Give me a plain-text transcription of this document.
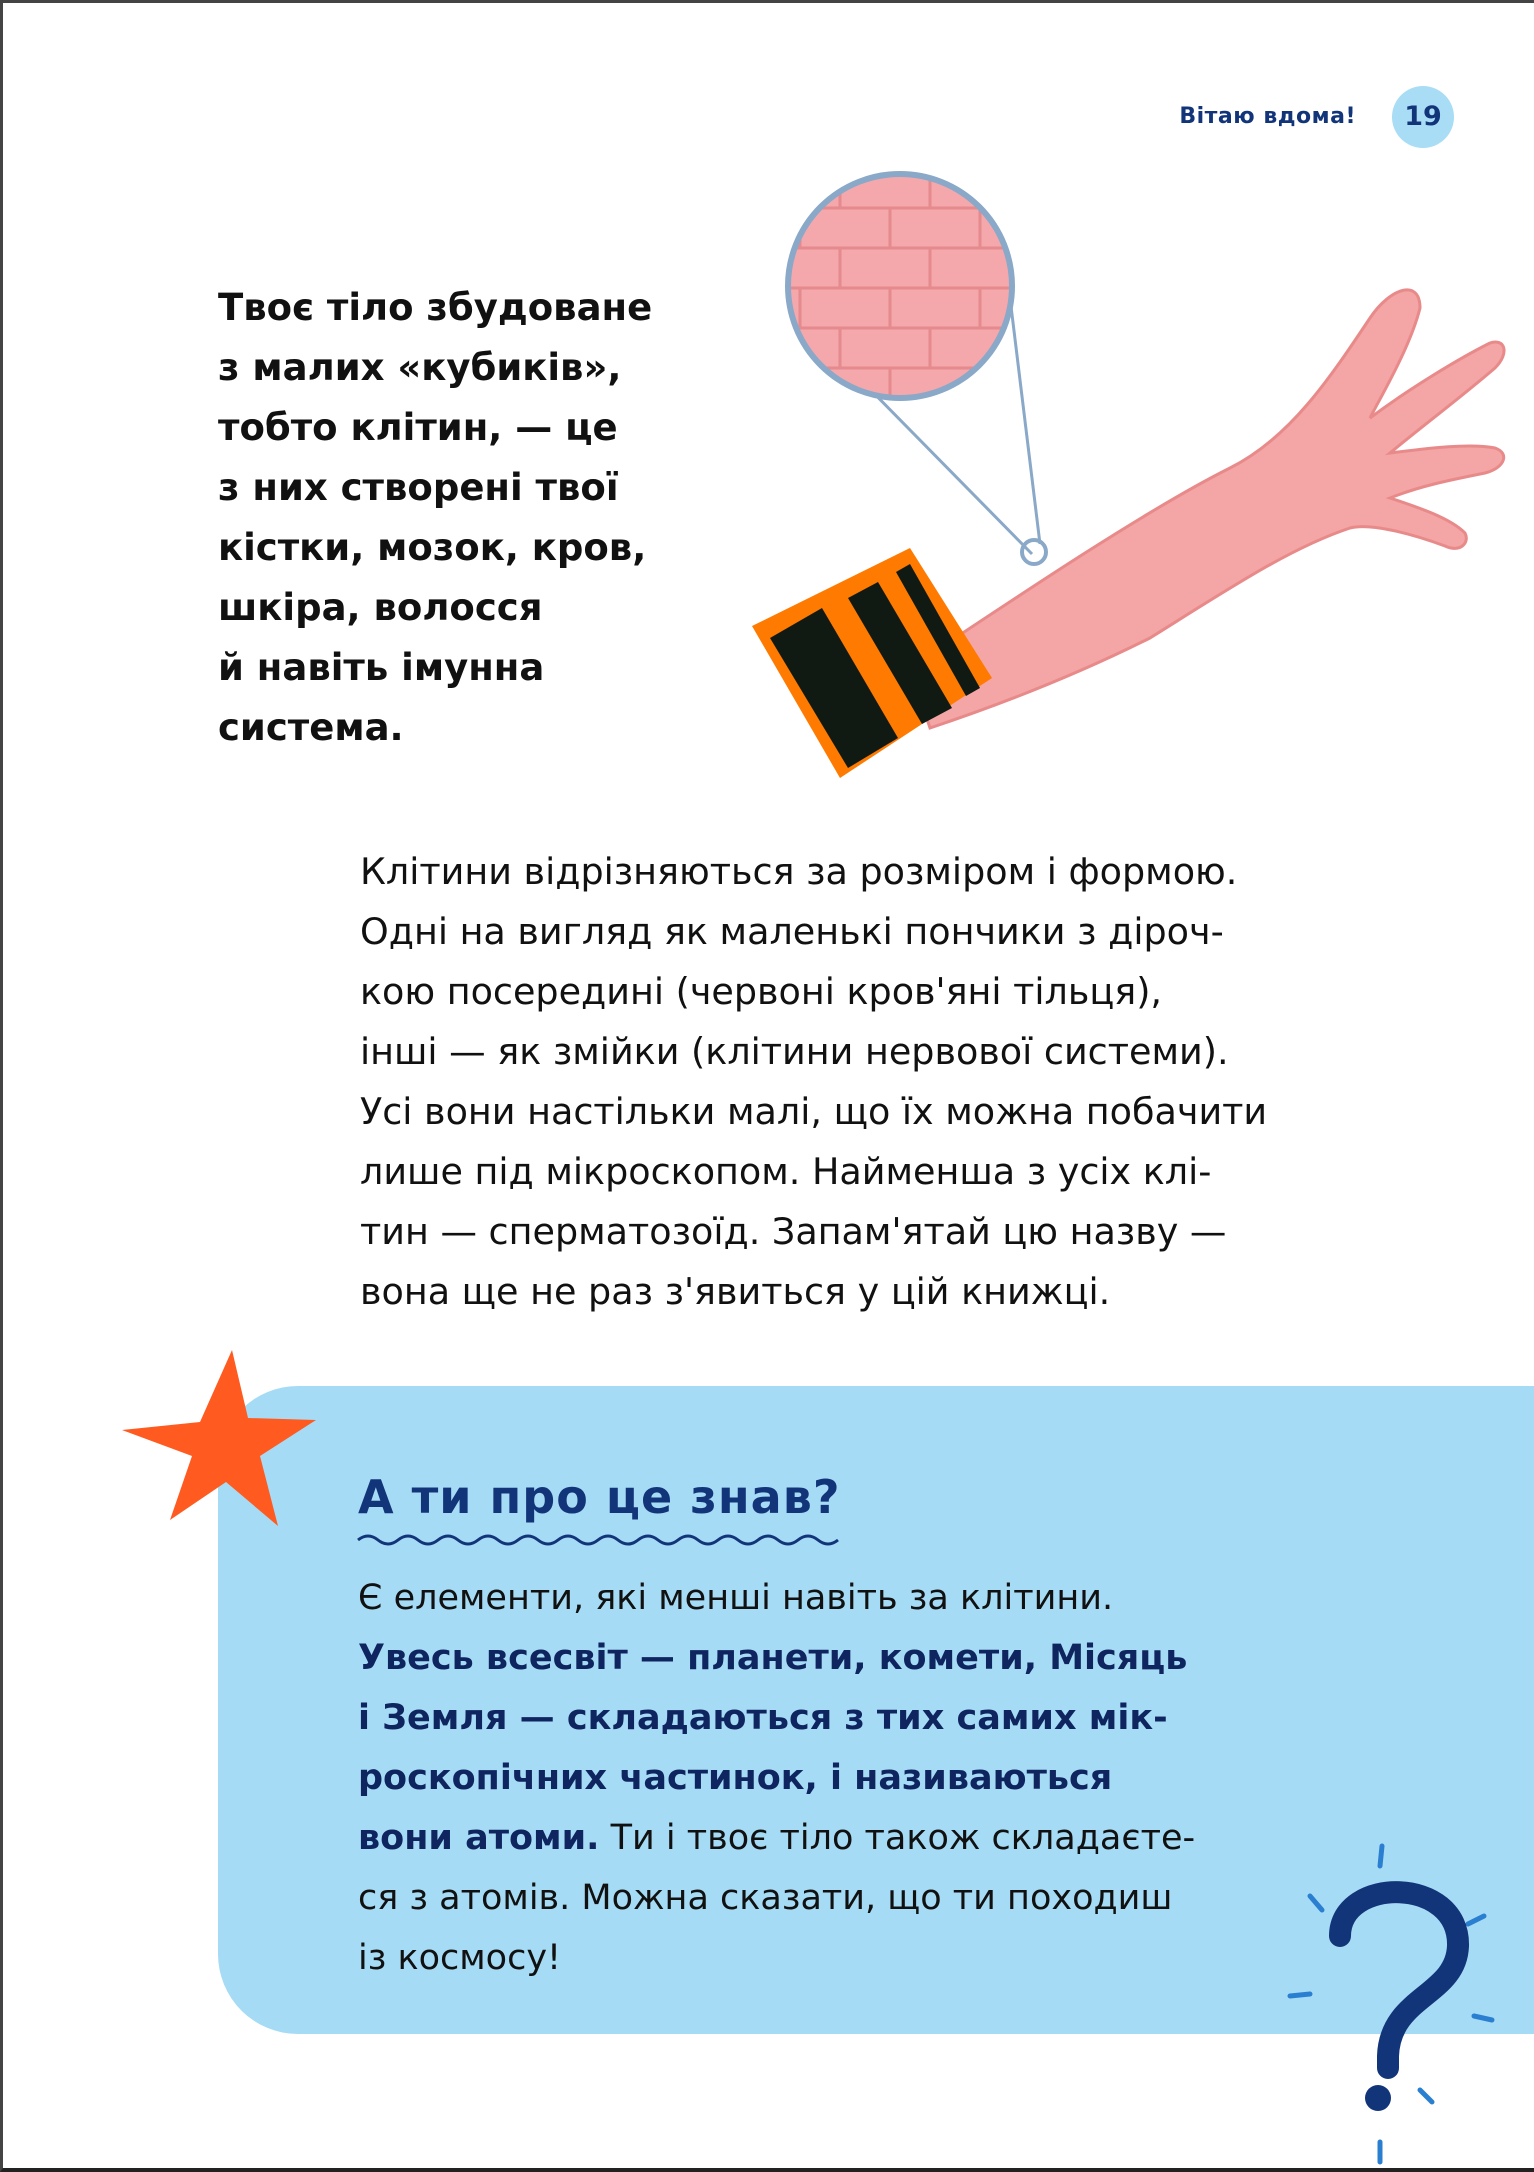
Вітаю вдома!	19

Твоє тіло збудоване
з малих «кубиків»,
тобто клітин, — це
з них створені твої
кістки, мозок, кров,
шкіра, волосся
й навіть імунна
система.

Клітини відрізняються за розміром і формою.
Одні на вигляд як маленькі пончики з діроч-
кою посередині (червоні кров'яні тільця),
інші — як змійки (клітини нервової системи).
Усі вони настільки малі, що їх можна побачити
лише під мікроскопом. Найменша з усіх клі-
тин — сперматозоїд. Запам'ятай цю назву —
вона ще не раз з'явиться у цій книжці.

А ти про це знав?

Є елементи, які менші навіть за клітини.
Увесь всесвіт — планети, комети, Місяць
і Земля — складаються з тих самих мік-
роскопічних частинок, і називаються
вони атоми. Ти і твоє тіло також складаєте-
ся з атомів. Можна сказати, що ти походиш
із космосу!
